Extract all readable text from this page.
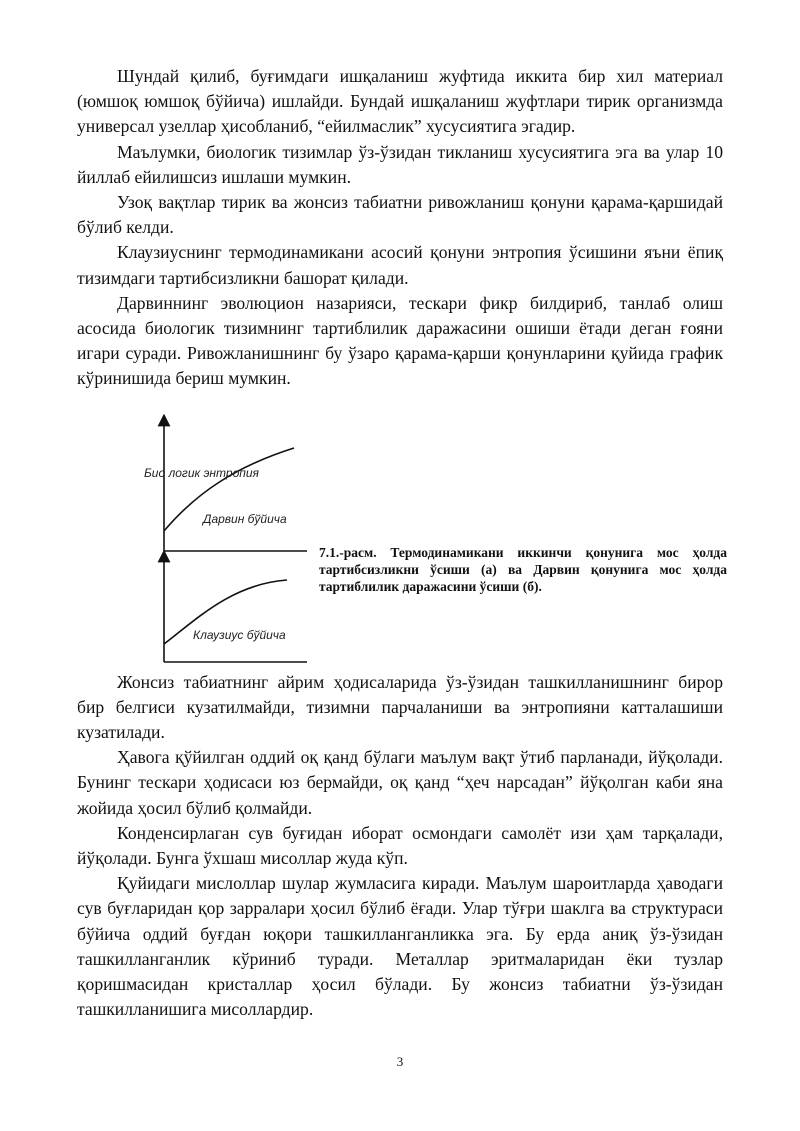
Шундай қилиб, буғимдаги ишқаланиш жуфтида иккита бир хил материал (юмшоқ юмшоқ бўйича) ишлайди. Бундай ишқаланиш жуфтлари тирик организмда универсал узеллар ҳисобланиб, “ейилмаслик” хусусиятига эгадир.

Маълумки, биологик тизимлар ўз-ўзидан тикланиш хусусиятига эга ва улар 10 йиллаб ейилишсиз ишлаши мумкин.

Узоқ вақтлар тирик ва жонсиз табиатни ривожланиш қонуни қарама-қаршидай бўлиб келди.

Клаузиуснинг термодинамикани асосий қонуни энтропия ўсишини яъни ёпиқ тизимдаги тартибсизликни башорат қилади.

Дарвиннинг эволюцион назарияси, тескари фикр билдириб, танлаб олиш асосида биологик тизимнинг тартиблилик даражасини ошиши ётади деган ғояни игари суради. Ривожланишнинг бу ўзаро қарама-қарши қонунларини қуйида график кўринишида бериш мумкин.

Био логик энтропия
Дарвин бўйича
Клаузиус бўйича
7.1.-расм. Термодинамикани иккинчи қонунига мос ҳолда тартибсизликни ўсиши (а) ва Дарвин қонунига мос ҳолда тартиблилик даражасини ўсиши (б).

Жонсиз табиатнинг айрим ҳодисаларида ўз-ўзидан ташкилланишнинг бирор бир белгиси кузатилмайди, тизимни парчаланиши ва энтропияни катталашиши кузатилади.

Ҳавога қўйилган оддий оқ қанд бўлаги маълум вақт ўтиб парланади, йўқолади. Бунинг тескари ҳодисаси юз бермайди, оқ қанд “ҳеч нарсадан” йўқолган каби яна жойида ҳосил бўлиб қолмайди.

Конденсирлаган сув буғидан иборат осмондаги самолёт изи ҳам тарқалади, йўқолади. Бунга ўхшаш мисоллар жуда кўп.

Қуйидаги мислоллар шулар жумласига киради. Маълум шароитларда ҳаводаги сув буғларидан қор зарралари ҳосил бўлиб ёғади. Улар тўғри шаклга ва структураси бўйича оддий буғдан юқори ташкилланганликка эга. Бу ерда аниқ ўз-ўзидан ташкилланганлик кўриниб туради. Металлар эритмаларидан ёки тузлар қоришмасидан кристаллар ҳосил бўлади. Бу жонсиз табиатни ўз-ўзидан ташкилланишига мисоллардир.

3
